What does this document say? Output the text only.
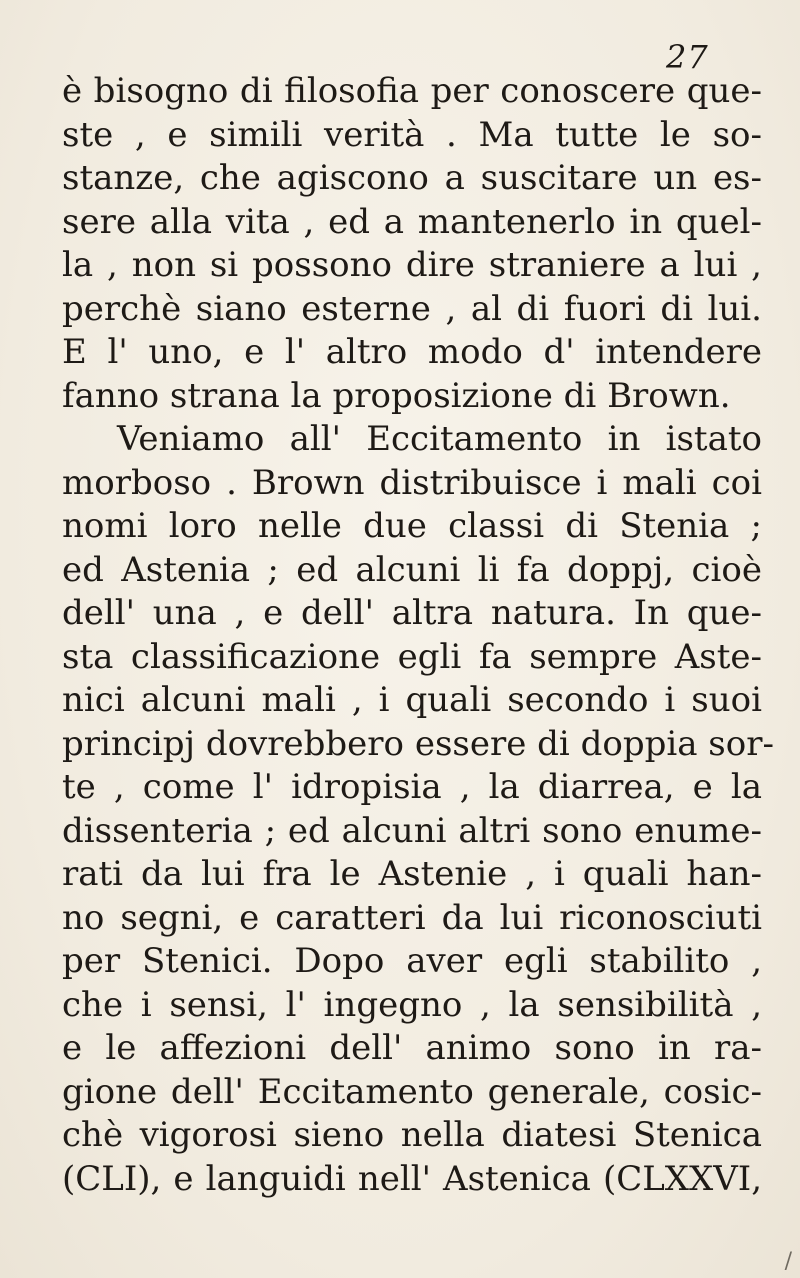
27
è bisogno di filosofia per conoscere que-
ste , e simili verità . Ma tutte le so-
stanze, che agiscono a suscitare un es-
sere alla vita , ed a mantenerlo in quel-
la , non si possono dire straniere a lui ,
perchè siano esterne , al di fuori di lui.
E l' uno, e l' altro modo d' intendere
fanno strana la proposizione di Brown.
Veniamo all' Eccitamento in istato
morboso . Brown distribuisce i mali coi
nomi loro nelle due classi di Stenia ;
ed Astenia ; ed alcuni li fa doppj, cioè
dell' una , e dell' altra natura. In que-
sta classificazione egli fa sempre Aste-
nici alcuni mali , i quali secondo i suoi
principj dovrebbero essere di doppia sor-
te , come l' idropisia , la diarrea, e la
dissenteria ; ed alcuni altri sono enume-
rati da lui fra le Astenie , i quali han-
no segni, e caratteri da lui riconosciuti
per Stenici. Dopo aver egli stabilito ,
che i sensi, l' ingegno , la sensibilità ,
e le affezioni dell' animo sono in ra-
gione dell' Eccitamento generale, cosic-
chè vigorosi sieno nella diatesi Stenica
(CLI), e languidi nell' Astenica (CLXXVI,
/
